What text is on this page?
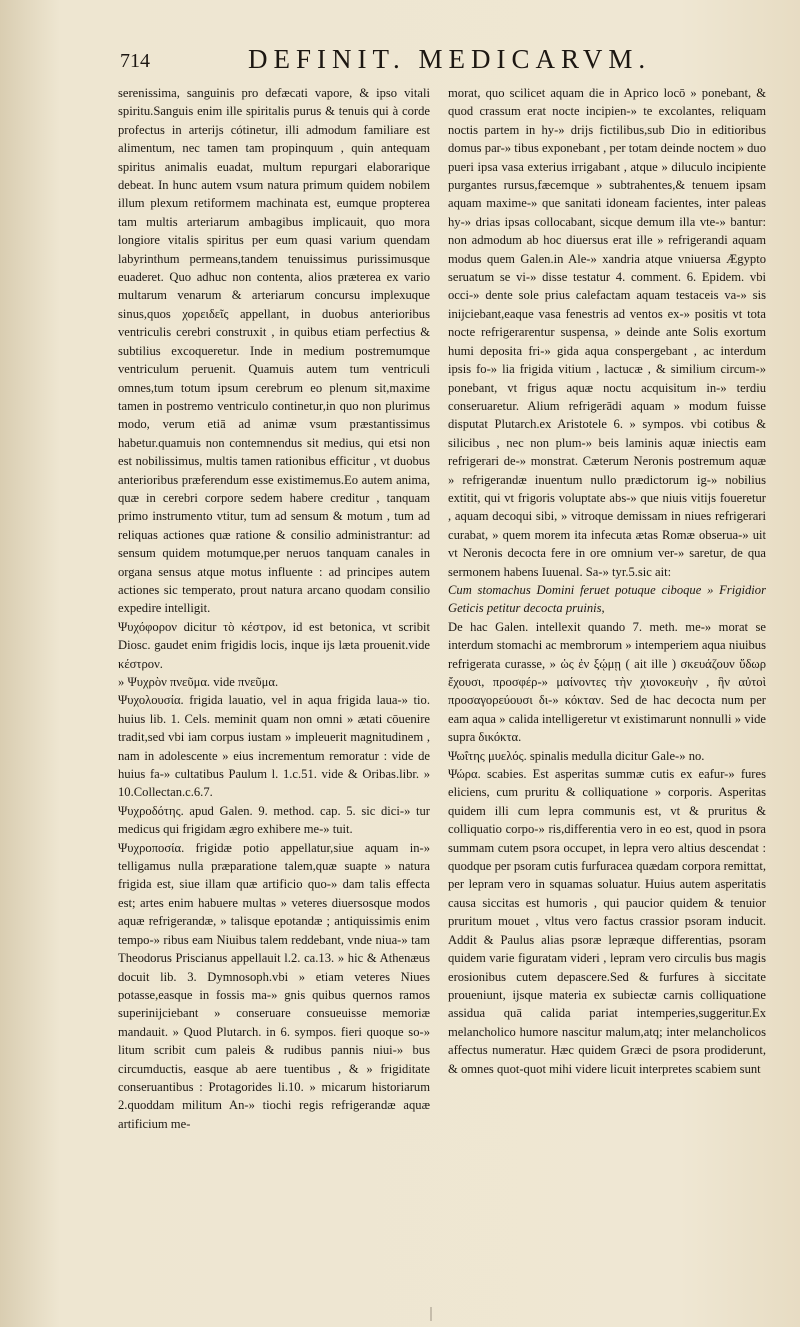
714	DEFINIT. MEDICARVM.

serenissima, sanguinis pro defæcati vapore, & ipso vitali spiritu.Sanguis enim ille spiritalis purus & tenuis qui à corde profectus in arterijs cótinetur, illi admodum familiare est alimentum, nec tamen tam propinquum , quin antequam spiritus animalis euadat, multum repurgari elaborarique debeat. In hunc autem vsum natura primum quidem nobilem illum plexum retiformem machinata est, eumque propterea tam multis arteriarum ambagibus implicauit, quo mora longiore vitalis spiritus per eum quasi varium quendam labyrinthum permeans,tandem tenuissimus purissimusque euaderet. Quo adhuc non contenta, alios præterea ex vario multarum venarum & arteriarum concursu implexuque sinus,quos χορειδεῖς appellant, in duobus anterioribus ventriculis cerebri construxit , in quibus etiam perfectius & subtilius excoqueretur. Inde in medium postremumque ventriculum peruenit. Quamuis autem tum ventriculi omnes,tum totum ipsum cerebrum eo plenum sit,maxime tamen in postremo ventriculo continetur,in quo non plurimus modo, verum etiā ad animæ vsum præstantissimus habetur.quamuis non contemnendus sit medius, qui etsi non est nobilissimus, multis tamen rationibus efficitur , vt duobus anterioribus præferendum esse existimemus.Eo autem anima, quæ in cerebri corpore sedem habere creditur , tanquam primo instrumento vtitur, tum ad sensum & motum , tum ad reliquas actiones quæ ratione & consilio administrantur: ad sensum quidem motumque,per neruos tanquam canales in organa sensus atque motus influente : ad principes autem actiones sic temperato, prout natura arcano quodam consilio expedire intelligit.

Ψυχόφορον dicitur τὸ κέστρον, id est betonica, vt scribit Diosc. gaudet enim frigidis locis, inque ijs læta prouenit.vide κέστρον.

» Ψυχρὸν πνεῦμα. vide πνεῦμα.

Ψυχολουσία. frigida lauatio, vel in aqua frigida laua-» tio. huius lib. 1. Cels. meminit quam non omni » ætati cōuenire tradit,sed vbi iam corpus iustam » impleuerit magnitudinem , nam in adolescente » eius incrementum remoratur : vide de huius fa-» cultatibus Paulum l. 1.c.51. vide & Oribas.libr. » 10.Collectan.c.6.7.

Ψυχροδότης. apud Galen. 9. method. cap. 5. sic dici-» tur medicus qui frigidam ægro exhibere me-» tuit.

Ψυχροποσία. frigidæ potio appellatur,siue aquam in-» telligamus nulla præparatione talem,quæ suapte » natura frigida est, siue illam quæ artificio quo-» dam talis effecta est; artes enim habuere multas » veteres diuersosque modos aquæ refrigerandæ, » talisque epotandæ ; antiquissimis enim tempo-» ribus eam Niuibus talem reddebant, vnde niua-» tam Theodorus Priscianus appellauit l.2. ca.13. » hic & Athenæus docuit lib. 3. Dymnosoph.vbi » etiam veteres Niues potasse,easque in fossis ma-» gnis quibus quernos ramos superinijciebant » conseruare consueuisse memoriæ mandauit. » Quod Plutarch. in 6. sympos. fieri quoque so-» litum scribit cum paleis & rudibus pannis niui-» bus circumductis, easque ab aere tuentibus , & » frigiditate conseruantibus : Protagorides li.10. » micarum historiarum 2.quoddam militum An-» tiochi regis refrigerandæ aquæ artificium me-

morat, quo scilicet aquam die in Aprico locō » ponebant, & quod crassum erat nocte incipien-» te excolantes, reliquam noctis partem in hy-» drijs fictilibus,sub Dio in editioribus domus par-» tibus exponebant , per totam deinde noctem » duo pueri ipsa vasa exterius irrigabant , atque » diluculo incipiente purgantes rursus,fæcemque » subtrahentes,& tenuem ipsam aquam maxime-» que sanitati idoneam facientes, inter paleas hy-» drias ipsas collocabant, sicque demum illa vte-» bantur: non admodum ab hoc diuersus erat ille » refrigerandi aquam modus quem Galen.in Ale-» xandria atque vniuersa Ægypto seruatum se vi-» disse testatur 4. comment. 6. Epidem. vbi occi-» dente sole prius calefactam aquam testaceis va-» sis inijciebant,eaque vasa fenestris ad ventos ex-» positis vt tota nocte refrigerarentur suspensa, » deinde ante Solis exortum humi deposita fri-» gida aqua conspergebant , ac interdum ipsis fo-» lia frigida vitium , lactucæ , & similium circum-» ponebant, vt frigus aquæ noctu acquisitum in-» terdiu conseruaretur. Alium refrigerādi aquam » modum fuisse disputat Plutarch.ex Aristotele 6. » sympos. vbi cotibus & silicibus , nec non plum-» beis laminis aquæ iniectis eam refrigerari de-» monstrat. Cæterum Neronis postremum aquæ » refrigerandæ inuentum nullo prædictorum ig-» nobilius extitit, qui vt frigoris voluptate abs-» que niuis vitijs foueretur , aquam decoqui sibi, » vitroque demissam in niues refrigerari curabat, » quem morem ita infecuta ætas Romæ obserua-» uit vt Neronis decocta fere in ore omnium ver-» saretur, de qua sermonem habens Iuuenal. Sa-» tyr.5.sic ait:

Cum stomachus Domini feruet potuque ciboque » Frigidior Geticis petitur decocta pruinis,

De hac Galen. intellexit quando 7. meth. me-» morat se interdum stomachi ac membrorum » intemperiem aqua niuibus refrigerata curasse, » ὡς ἐν ξῴμῃ ( ait ille ) σκευάζουν ὕδωρ ἔχουσι, προσφέρ-» μαίνοντες τὴν χιονοκευὴν , ἣν αὐτοὶ προσαγορεύουσι δι-» κόκταν. Sed de hac decocta num per eam aqua » calida intelligeretur vt existimarunt nonnulli » vide supra δικόκτα.

Ψωΐτης μυελός. spinalis medulla dicitur Gale-» no.

Ψώρα. scabies. Est asperitas summæ cutis ex eafur-» fures eliciens, cum pruritu & colliquatione » corporis. Asperitas quidem illi cum lepra communis est, vt & pruritus & colliquatio corpo-» ris,differentia vero in eo est, quod in psora summam cutem psora occupet, in lepra vero altius descendat : quodque per psoram cutis furfuracea quædam corpora remittat, per lepram vero in squamas soluatur. Huius autem asperitatis causa siccitas est humoris , qui paucior quidem & tenuior pruritum mouet , vltus vero factus crassior psoram inducit. Addit & Paulus alias psoræ lepræque differentias, psoram quidem varie figuratam videri , lepram vero circulis bus magis erosionibus cutem depascere.Sed & furfures à siccitate proueniunt, ijsque materia ex subiectæ carnis colliquatione assidua quā calida pariat intemperies,suggeritur.Ex melancholico humore nascitur malum,atq; inter melancholicos affectus numeratur. Hæc quidem Græci de psora prodiderunt, & omnes quot-quot mihi videre licuit interpretes scabiem sunt
